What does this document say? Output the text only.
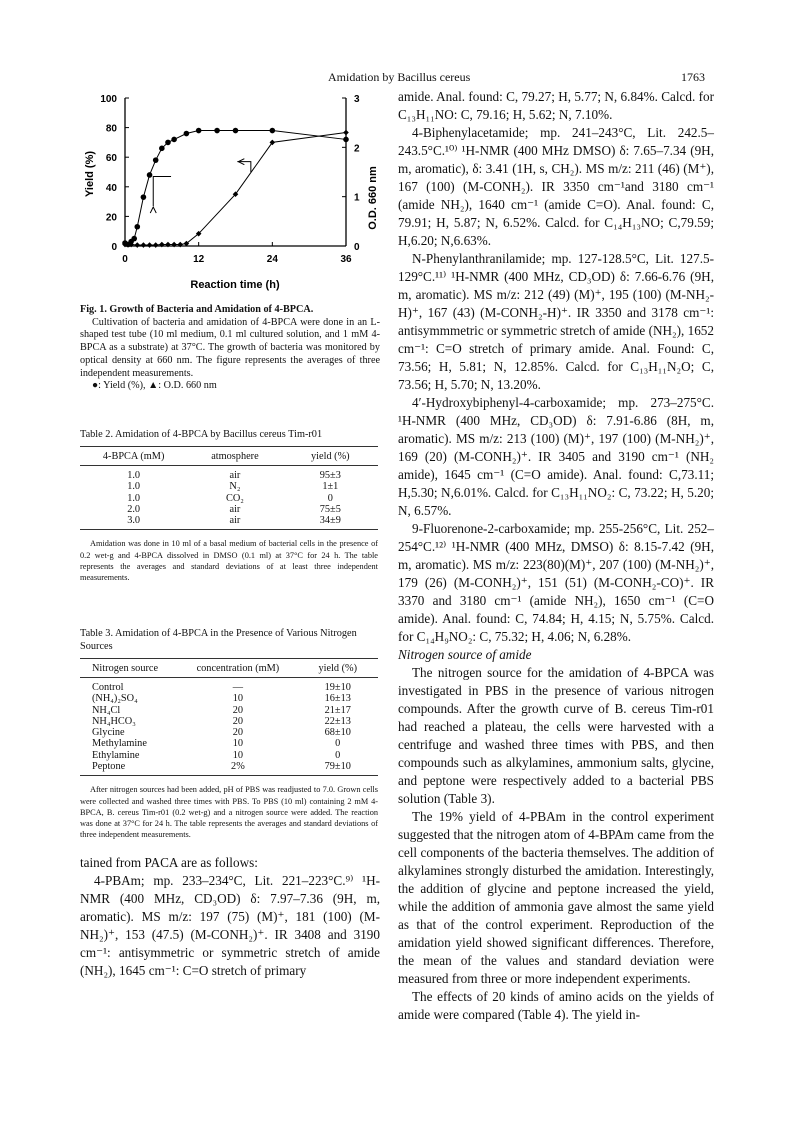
Amidation by Bacillus cereus	1763
0
20
40
60
80
100
0
1
2
3
0	12	24	36
Reaction time (h)
Yield (%)	O.D. 660 nm
Fig. 1. Growth of Bacteria and Amidation of 4-BPCA.
Cultivation of bacteria and amidation of 4-BPCA were done in an L-shaped test tube (10 ml medium, 0.1 ml cultured solution, and 1 mM 4-BPCA as a substrate) at 37°C. The growth of bacteria was monitored by optical density at 660 nm. The figure represents the averages of three independent measurements.
●: Yield (%), ▲: O.D. 660 nm
Table 2. Amidation of 4-BPCA by Bacillus cereus Tim-r01
4-BPCA (mM)	atmosphere	yield (%)
1.0	air	95±3
1.0	N₂	1±1
1.0	CO₂	0
2.0	air	75±5
3.0	air	34±9
Amidation was done in 10 ml of a basal medium of bacterial cells in the presence of 0.2 wet-g and 4-BPCA dissolved in DMSO (0.1 ml) at 37°C for 24 h. The table represents the averages and standard deviations of at least three independent measurements.
Table 3. Amidation of 4-BPCA in the Presence of Various Nitrogen Sources
Nitrogen source	concentration (mM)	yield (%)
Control	—	19±10
(NH₄)₂SO₄	10	16±13
NH₄Cl	20	21±17
NH₄HCO₃	20	22±13
Glycine	20	68±10
Methylamine	10	0
Ethylamine	10	0
Peptone	2%	79±10
After nitrogen sources had been added, pH of PBS was readjusted to 7.0. Grown cells were collected and washed three times with PBS. To PBS (10 ml) containing 2 mM 4-BPCA, B. cereus Tim-r01 (0.2 wet-g) and a nitrogen source were added. The reaction was done at 37°C for 24 h. The table represents the averages and standard deviations of three independent measurements.

tained from PACA are as follows:

4-PBAm; mp. 233–234°C, Lit. 221–223°C.⁹⁾ ¹H-NMR (400 MHz, CD₃OD) δ: 7.97–7.36 (9H, m, aromatic). MS m/z: 197 (75) (M)⁺, 181 (100) (M-NH₂)⁺, 153 (47.5) (M-CONH₂)⁺. IR 3408 and 3190 cm⁻¹: antisymmetric or symmetric stretch of amide (NH₂), 1645 cm⁻¹: C=O stretch of primary

amide. Anal. found: C, 79.27; H, 5.77; N, 6.84%. Calcd. for C₁₃H₁₁NO: C, 79.16; H, 5.62; N, 7.10%.

4-Biphenylacetamide; mp. 241–243°C, Lit. 242.5–243.5°C.¹⁰⁾ ¹H-NMR (400 MHz DMSO) δ: 7.65–7.34 (9H, m, aromatic), δ: 3.41 (1H, s, CH₂). MS m/z: 211 (46) (M⁺), 167 (100) (M-CONH₂). IR 3350 cm⁻¹and 3180 cm⁻¹ (amide NH₂), 1640 cm⁻¹ (amide C=O). Anal. found: C, 79.91; H, 5.87; N, 6.52%. Calcd. for C₁₄H₁₃NO; C,79.59; H,6.20; N,6.63%.

N-Phenylanthranilamide; mp. 127-128.5°C, Lit. 127.5-129°C.¹¹⁾ ¹H-NMR (400 MHz, CD₃OD) δ: 7.66-6.76 (9H, m, aromatic). MS m/z: 212 (49) (M)⁺, 195 (100) (M-NH₂-H)⁺, 167 (43) (M-CONH₂-H)⁺. IR 3350 and 3178 cm⁻¹: antisymmmetric or symmetric stretch of amide (NH₂), 1652 cm⁻¹: C=O stretch of primary amide. Anal. Found: C, 73.56; H, 5.81; N, 12.85%. Calcd. for C₁₃H₁₁N₂O; C, 73.56; H, 5.70; N, 13.20%.

4′-Hydroxybiphenyl-4-carboxamide; mp. 273–275°C. ¹H-NMR (400 MHz, CD₃OD) δ: 7.91-6.86 (8H, m, aromatic). MS m/z: 213 (100) (M)⁺, 197 (100) (M-NH₂)⁺, 169 (20) (M-CONH₂)⁺. IR 3405 and 3190 cm⁻¹ (NH₂ amide), 1645 cm⁻¹ (C=O amide). Anal. found: C,73.11; H,5.30; N,6.01%. Calcd. for C₁₃H₁₁NO₂: C, 73.22; H, 5.20; N, 6.57%.

9-Fluorenone-2-carboxamide; mp. 255-256°C, Lit. 252–254°C.¹²⁾ ¹H-NMR (400 MHz, DMSO) δ: 8.15-7.42 (9H, m, aromatic). MS m/z: 223(80)(M)⁺, 207 (100) (M-NH₂)⁺, 179 (26) (M-CONH₂)⁺, 151 (51) (M-CONH₂-CO)⁺. IR 3370 and 3180 cm⁻¹ (amide NH₂), 1650 cm⁻¹ (C=O amide). Anal. found: C, 74.84; H, 4.15; N, 5.75%. Calcd. for C₁₄H₉NO₂: C, 75.32; H, 4.06; N, 6.28%.

Nitrogen source of amide

The nitrogen source for the amidation of 4-BPCA was investigated in PBS in the presence of various nitrogen compounds. After the growth curve of B. cereus Tim-r01 had reached a plateau, the cells were harvested with a centrifuge and washed three times with PBS, and then compounds such as alkylamines, ammonium salts, glycine, and peptone were respectively added to a bacterial PBS solution (Table 3).

The 19% yield of 4-PBAm in the control experiment suggested that the nitrogen atom of 4-BPAm came from the cell components of the bacteria themselves. The addition of alkylamines strongly disturbed the amidation. Interestingly, the addition of glycine and peptone increased the yield, while the addition of ammonia gave almost the same yield as that of the control experiment. Reproduction of the amidation yield showed significant differences. Therefore, the mean of the values and standard deviation were measured from three or more independent experiments.

The effects of 20 kinds of amino acids on the yields of amide were compared (Table 4). The yield in-
